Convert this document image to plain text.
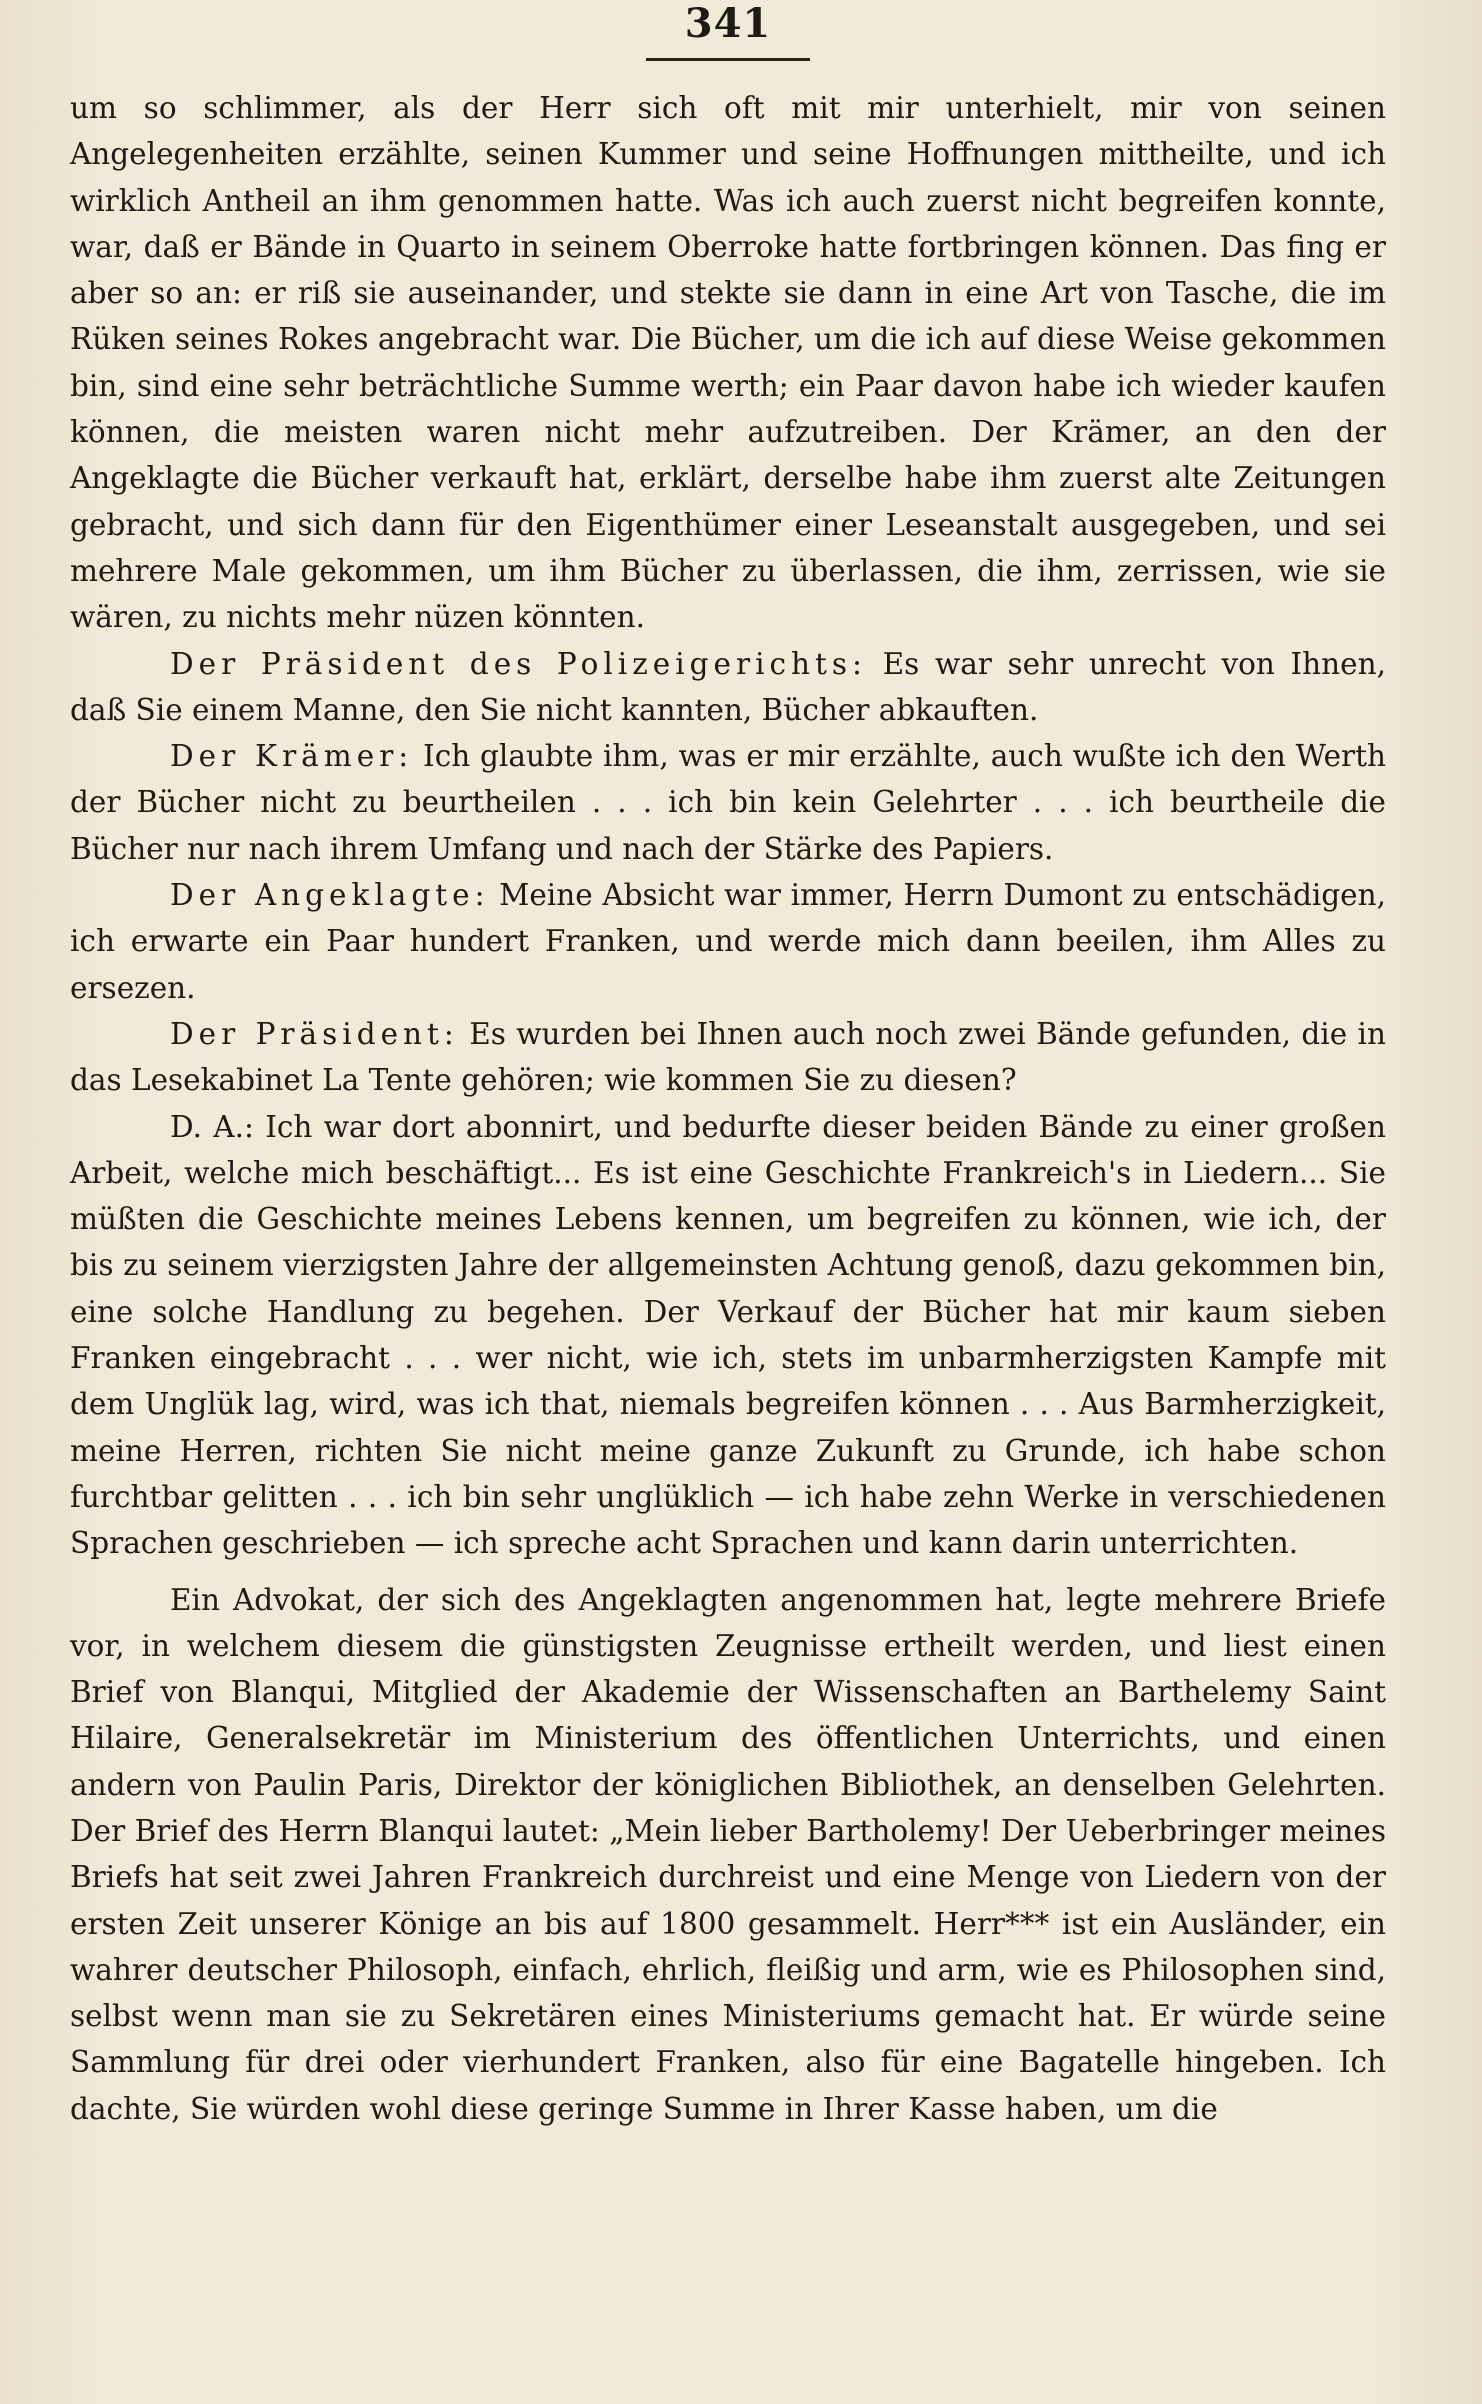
341

um so schlimmer, als der Herr sich oft mit mir unterhielt, mir von seinen Angelegenheiten erzählte, seinen Kummer und seine Hoffnungen mittheilte, und ich wirklich Antheil an ihm genommen hatte. Was ich auch zuerst nicht begreifen konnte, war, daß er Bände in Quarto in seinem Oberroke hatte fortbringen können. Das fing er aber so an: er riß sie auseinander, und stekte sie dann in eine Art von Tasche, die im Rüken seines Rokes angebracht war. Die Bücher, um die ich auf diese Weise gekommen bin, sind eine sehr beträchtliche Summe werth; ein Paar davon habe ich wieder kaufen können, die meisten waren nicht mehr aufzutreiben. Der Krämer, an den der Angeklagte die Bücher verkauft hat, erklärt, derselbe habe ihm zuerst alte Zeitungen gebracht, und sich dann für den Eigenthümer einer Leseanstalt ausgegeben, und sei mehrere Male gekommen, um ihm Bücher zu überlassen, die ihm, zerrissen, wie sie wären, zu nichts mehr nüzen könnten.

Der Präsident des Polizeigerichts: Es war sehr unrecht von Ihnen, daß Sie einem Manne, den Sie nicht kannten, Bücher abkauften.

Der Krämer: Ich glaubte ihm, was er mir erzählte, auch wußte ich den Werth der Bücher nicht zu beurtheilen . . . ich bin kein Gelehrter . . . ich beurtheile die Bücher nur nach ihrem Umfang und nach der Stärke des Papiers.

Der Angeklagte: Meine Absicht war immer, Herrn Dumont zu entschädigen, ich erwarte ein Paar hundert Franken, und werde mich dann beeilen, ihm Alles zu ersezen.

Der Präsident: Es wurden bei Ihnen auch noch zwei Bände gefunden, die in das Lesekabinet La Tente gehören; wie kommen Sie zu diesen?

D. A.: Ich war dort abonnirt, und bedurfte dieser beiden Bände zu einer großen Arbeit, welche mich beschäftigt... Es ist eine Geschichte Frankreich's in Liedern... Sie müßten die Geschichte meines Lebens kennen, um begreifen zu können, wie ich, der bis zu seinem vierzigsten Jahre der allgemeinsten Achtung genoß, dazu gekommen bin, eine solche Handlung zu begehen. Der Verkauf der Bücher hat mir kaum sieben Franken eingebracht . . . wer nicht, wie ich, stets im unbarmherzigsten Kampfe mit dem Unglük lag, wird, was ich that, niemals begreifen können . . . Aus Barmherzigkeit, meine Herren, richten Sie nicht meine ganze Zukunft zu Grunde, ich habe schon furchtbar gelitten . . . ich bin sehr unglüklich — ich habe zehn Werke in verschiedenen Sprachen geschrieben — ich spreche acht Sprachen und kann darin unterrichten.

Ein Advokat, der sich des Angeklagten angenommen hat, legte mehrere Briefe vor, in welchem diesem die günstigsten Zeugnisse ertheilt werden, und liest einen Brief von Blanqui, Mitglied der Akademie der Wissenschaften an Barthelemy Saint Hilaire, Generalsekretär im Ministerium des öffentlichen Unterrichts, und einen andern von Paulin Paris, Direktor der königlichen Bibliothek, an denselben Gelehrten. Der Brief des Herrn Blanqui lautet: „Mein lieber Bartholemy! Der Ueberbringer meines Briefs hat seit zwei Jahren Frankreich durchreist und eine Menge von Liedern von der ersten Zeit unserer Könige an bis auf 1800 gesammelt. Herr*** ist ein Ausländer, ein wahrer deutscher Philosoph, einfach, ehrlich, fleißig und arm, wie es Philosophen sind, selbst wenn man sie zu Sekretären eines Ministeriums gemacht hat. Er würde seine Sammlung für drei oder vierhundert Franken, also für eine Bagatelle hingeben. Ich dachte, Sie würden wohl diese geringe Summe in Ihrer Kasse haben, um die
